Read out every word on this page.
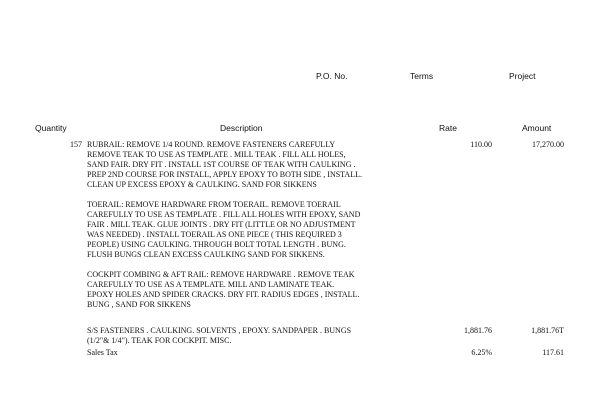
P.O. No.	Terms	Project
Quantity	Description	Rate	Amount
157 RUBRAIL: REMOVE 1/4 ROUND. REMOVE FASTENERS CAREFULLY
REMOVE TEAK TO USE AS TEMPLATE . MILL TEAK . FILL ALL HOLES,
SAND FAIR. DRY FIT . INSTALL 1ST COURSE OF TEAK WITH CAULKING .
PREP 2ND COURSE FOR INSTALL, APPLY EPOXY TO BOTH SIDE , INSTALL.
CLEAN UP EXCESS EPOXY & CAULKING. SAND FOR SIKKENS

TOERAIL: REMOVE HARDWARE FROM TOERAIL. REMOVE TOERAIL
CAREFULLY TO USE AS TEMPLATE . FILL ALL HOLES WITH EPOXY, SAND
FAIR . MILL TEAK. GLUE JOINTS . DRY FIT (LITTLE OR NO ADJUSTMENT
WAS NEEDED) . INSTALL TOERAIL AS ONE PIECE ( THIS REQUIRED 3
PEOPLE) USING CAULKING. THROUGH BOLT TOTAL LENGTH . BUNG.
FLUSH BUNGS CLEAN EXCESS CAULKING SAND FOR SIKKENS.

COCKPIT COMBING & AFT RAIL: REMOVE HARDWARE . REMOVE TEAK
CAREFULLY TO USE AS A TEMPLATE. MILL AND LAMINATE TEAK.
EPOXY HOLES AND SPIDER CRACKS. DRY FIT. RADIUS EDGES , INSTALL.
BUNG , SAND FOR SIKKENS
110.00	17,270.00
S/S FASTENERS . CAULKING. SOLVENTS , EPOXY. SANDPAPER . BUNGS
(1/2"& 1/4"). TEAK FOR COCKPIT. MISC.
1,881.76	1,881.76T
Sales Tax	6.25%	117.61
